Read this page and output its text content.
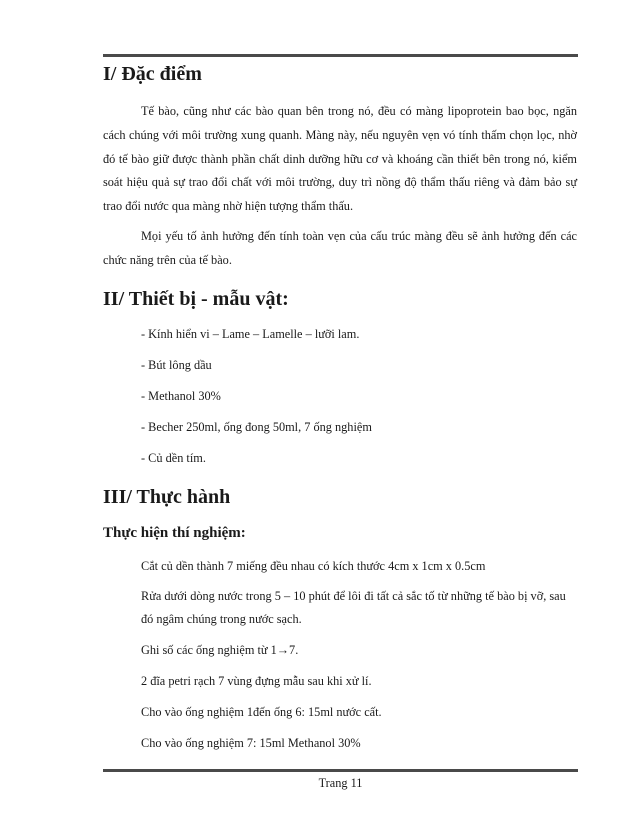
I/ Đặc điểm

Tế bào, cũng như các bào quan bên trong nó, đều có màng lipoprotein bao bọc, ngăn cách chúng với môi trường xung quanh. Màng này, nếu nguyên vẹn vó tính thấm chọn lọc, nhờ đó tế bào giữ được thành phần chất dinh dưỡng hữu cơ và khoáng cần thiết bên trong nó, kiểm soát hiệu quả sự trao đổi chất với môi trường, duy trì nồng độ thẩm thấu riêng và đảm bảo sự trao đổi nước qua màng nhờ hiện tượng thẩm thấu.

Mọi yếu tố ảnh hưởng đến tính toàn vẹn của cấu trúc màng đều sẽ ảnh hưởng đến các chức năng trên của tế bào.

II/ Thiết bị - mẫu vật:

- Kính hiển vi – Lame – Lamelle – lưỡi lam.

- Bút lông dầu

- Methanol 30%

- Becher 250ml, ống đong 50ml, 7 ống nghiệm

- Củ dền tím.

III/ Thực hành
Thực hiện thí nghiệm:

Cắt củ dền thành 7 miếng đều nhau có kích thước 4cm x 1cm x 0.5cm

Rửa dưới dòng nước trong 5 – 10 phút để lôi đi tất cả sắc tố từ những tế bào bị vỡ, sau đó ngâm chúng trong nước sạch.

Ghi số các ống nghiệm từ 1→7.

2 đĩa petri rạch 7 vùng đựng mẫu sau khi xử lí.

Cho vào ống nghiệm 1đến ống 6: 15ml nước cất.

Cho vào ống nghiệm 7: 15ml Methanol 30%

Trang 11
